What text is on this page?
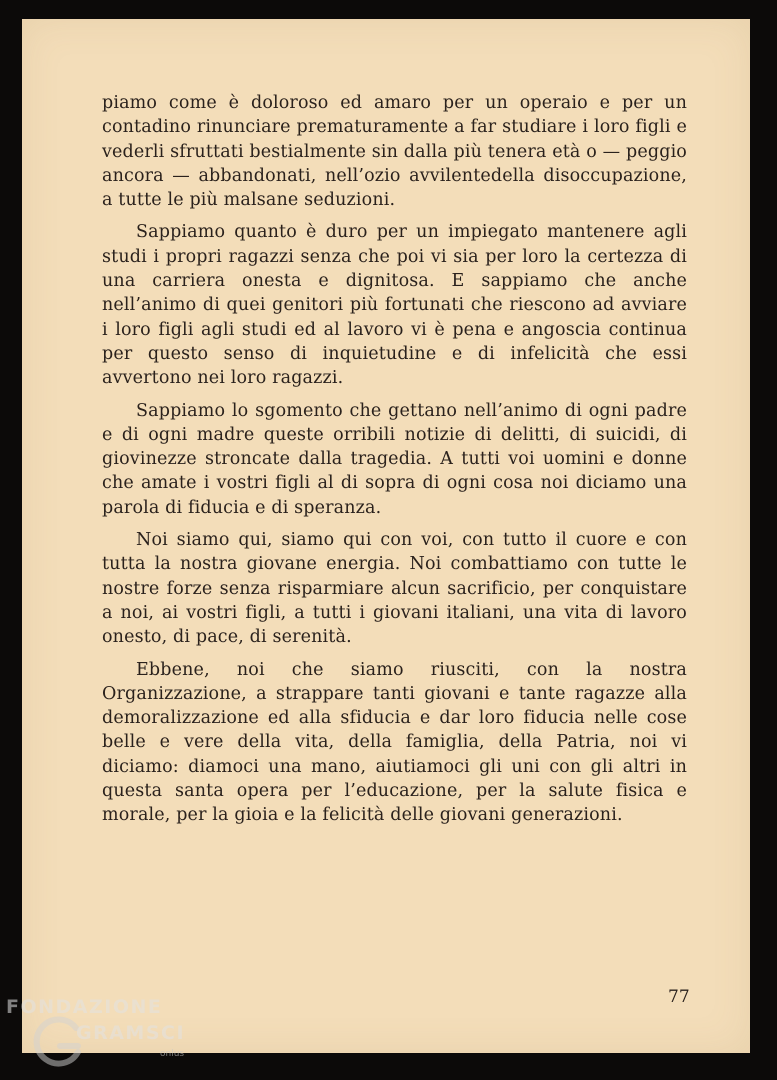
piamo come è doloroso ed amaro per un operaio e per un contadino rinunciare prematuramente a far studiare i loro figli e vederli sfruttati bestialmente sin dalla più tenera età o — peggio ancora — abbandonati, nell’ozio avvilentedella disoccupazione, a tutte le più malsane seduzioni.

Sappiamo quanto è duro per un impiegato mantenere agli studi i propri ragazzi senza che poi vi sia per loro la certezza di una carriera onesta e dignitosa. E sappiamo che anche nell’animo di quei genitori più fortunati che riescono ad avviare i loro figli agli studi ed al lavoro vi è pena e angoscia continua per questo senso di inquietudine e di infelicità che essi avvertono nei loro ragazzi.

Sappiamo lo sgomento che gettano nell’animo di ogni padre e di ogni madre queste orribili notizie di delitti, di suicidi, di giovinezze stroncate dalla tragedia. A tutti voi uomini e donne che amate i vostri figli al di sopra di ogni cosa noi diciamo una parola di fiducia e di speranza.

Noi siamo qui, siamo qui con voi, con tutto il cuore e con tutta la nostra giovane energia. Noi combattiamo con tutte le nostre forze senza risparmiare alcun sacrificio, per conquistare a noi, ai vostri figli, a tutti i giovani italiani, una vita di lavoro onesto, di pace, di serenità.

Ebbene, noi che siamo riusciti, con la nostra Organizzazione, a strappare tanti giovani e tante ragazze alla demoralizzazione ed alla sfiducia e dar loro fiducia nelle cose belle e vere della vita, della famiglia, della Patria, noi vi diciamo: diamoci una mano, aiutiamoci gli uni con gli altri in questa santa opera per l’educazione, per la salute fisica e morale, per la gioia e la felicità delle giovani generazioni.

77
FONDAZIONE
GRAMSCI
onlus
